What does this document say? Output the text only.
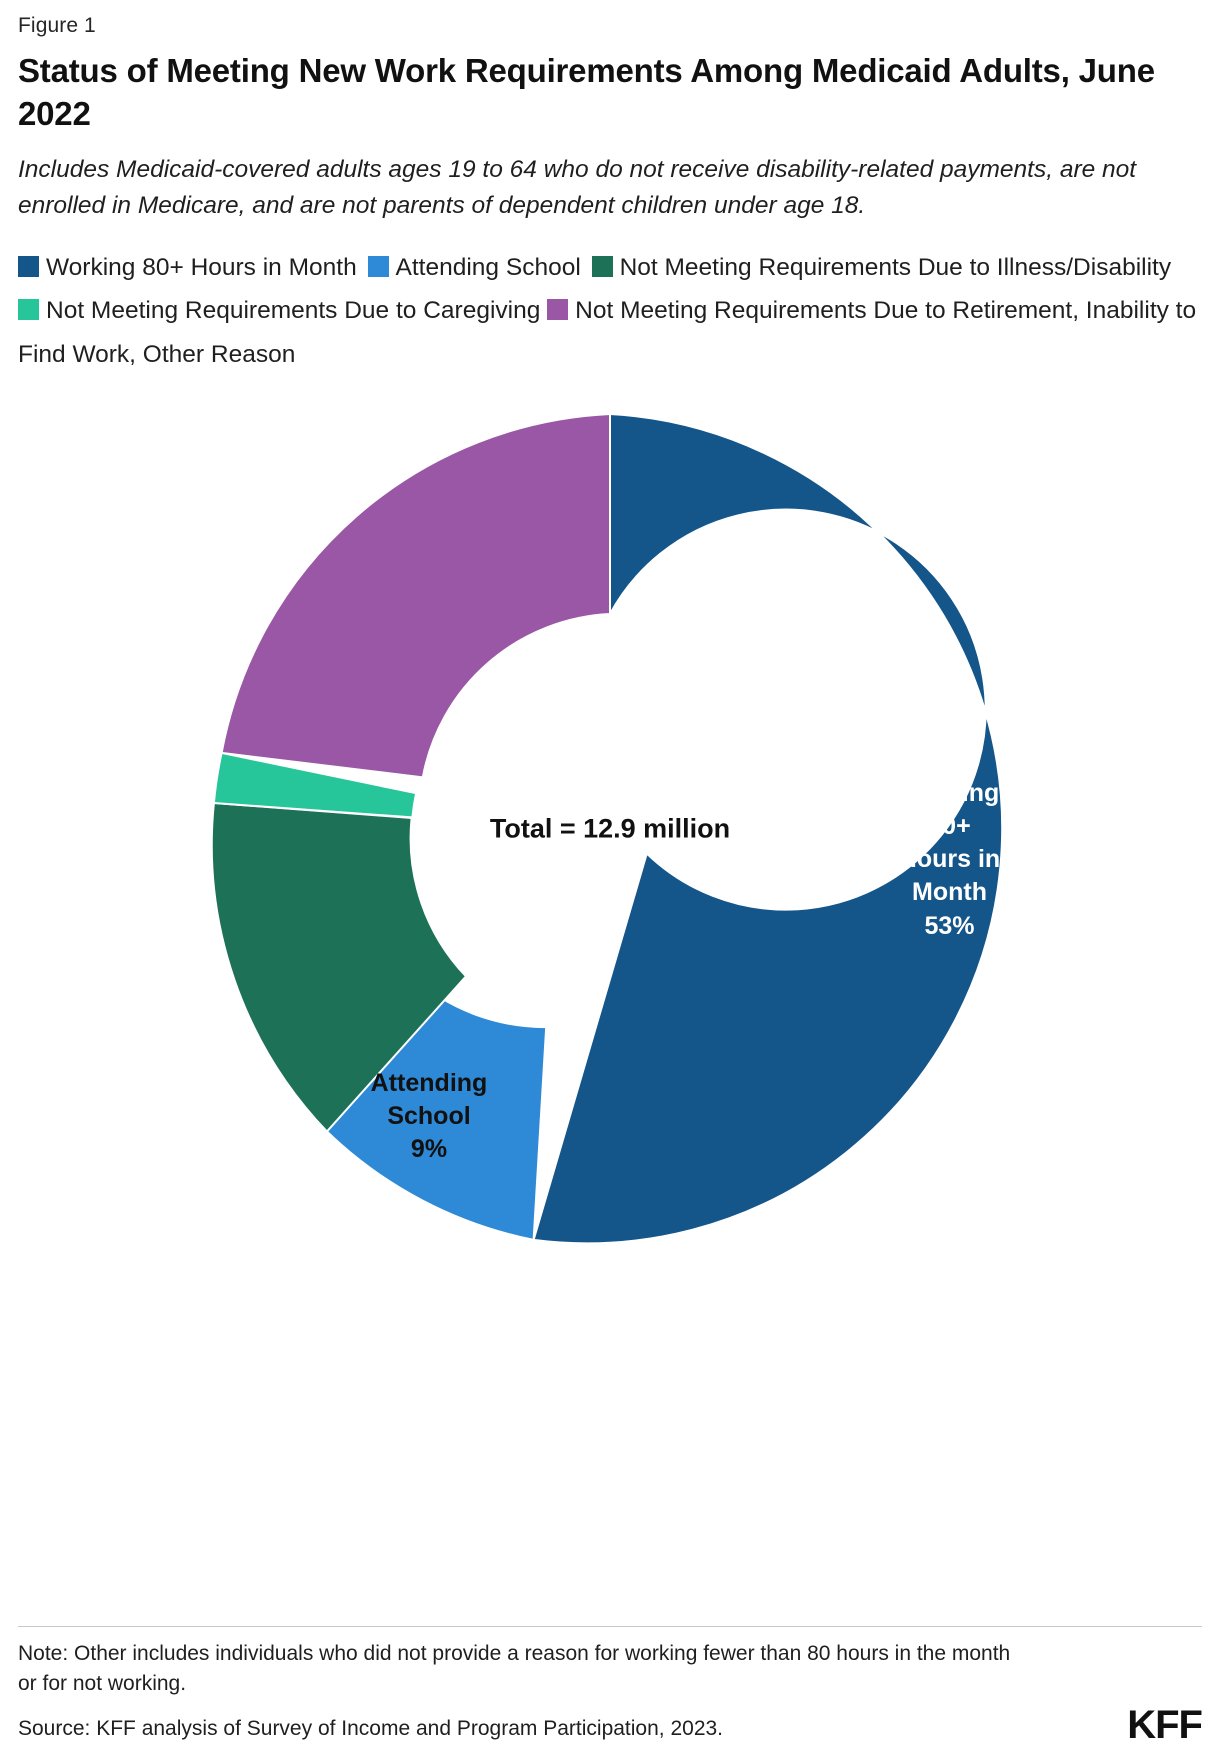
Figure 1
Status of Meeting New Work Requirements Among Medicaid Adults, June 2022
Includes Medicaid-covered adults ages 19 to 64 who do not receive disability-related payments, are not enrolled in Medicare, and are not parents of dependent children under age 18.
Working 80+ Hours in Month Attending School Not Meeting Requirements Due to Illness/Disability Not Meeting Requirements Due to Caregiving Not Meeting Requirements Due to Retirement, Inability to Find Work, Other Reason
Total = 12.9 million
Working
80+
Hours in
Month
53%
Attending
School
9%
Note: Other includes individuals who did not provide a reason for working fewer than 80 hours in the month or for not working.
Source: KFF analysis of Survey of Income and Program Participation, 2023.	KFF
